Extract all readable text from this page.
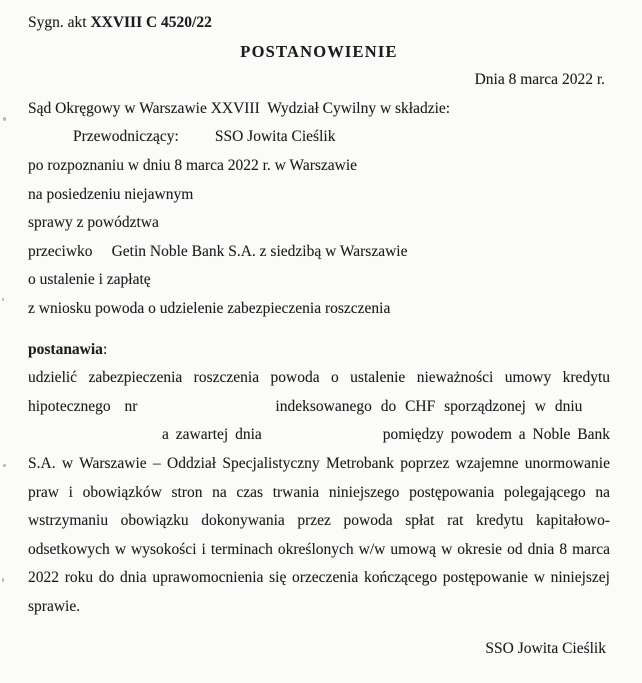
Sygn. akt XXVIII C 4520/22
POSTANOWIENIE
Dnia 8 marca 2022 r.
Sąd Okręgowy w Warszawie XXVIII  Wydział Cywilny w składzie:
Przewodniczący: SSO Jowita Cieślik
po rozpoznaniu w dniu 8 marca 2022 r. w Warszawie
na posiedzeniu niejawnym
sprawy z powództwa
przeciwko Getin Noble Bank S.A. z siedzibą w Warszawie
o ustalenie i zapłatę
z wniosku powoda o udzielenie zabezpieczenia roszczenia
postanawia:
udzielić zabezpieczenia roszczenia powoda o ustalenie nieważności umowy kredytu
hipotecznego nr	indeksowanego do CHF sporządzonej w dniu
a zawartej dnia	pomiędzy powodem a Noble Bank
S.A. w Warszawie – Oddział Specjalistyczny Metrobank poprzez wzajemne unormowanie
praw i obowiązków stron na czas trwania niniejszego postępowania polegającego na
wstrzymaniu obowiązku dokonywania przez powoda spłat rat kredytu kapitałowo-
odsetkowych w wysokości i terminach określonych w/w umową w okresie od dnia 8 marca
2022 roku do dnia uprawomocnienia się orzeczenia kończącego postępowanie w niniejszej
sprawie.
SSO Jowita Cieślik
